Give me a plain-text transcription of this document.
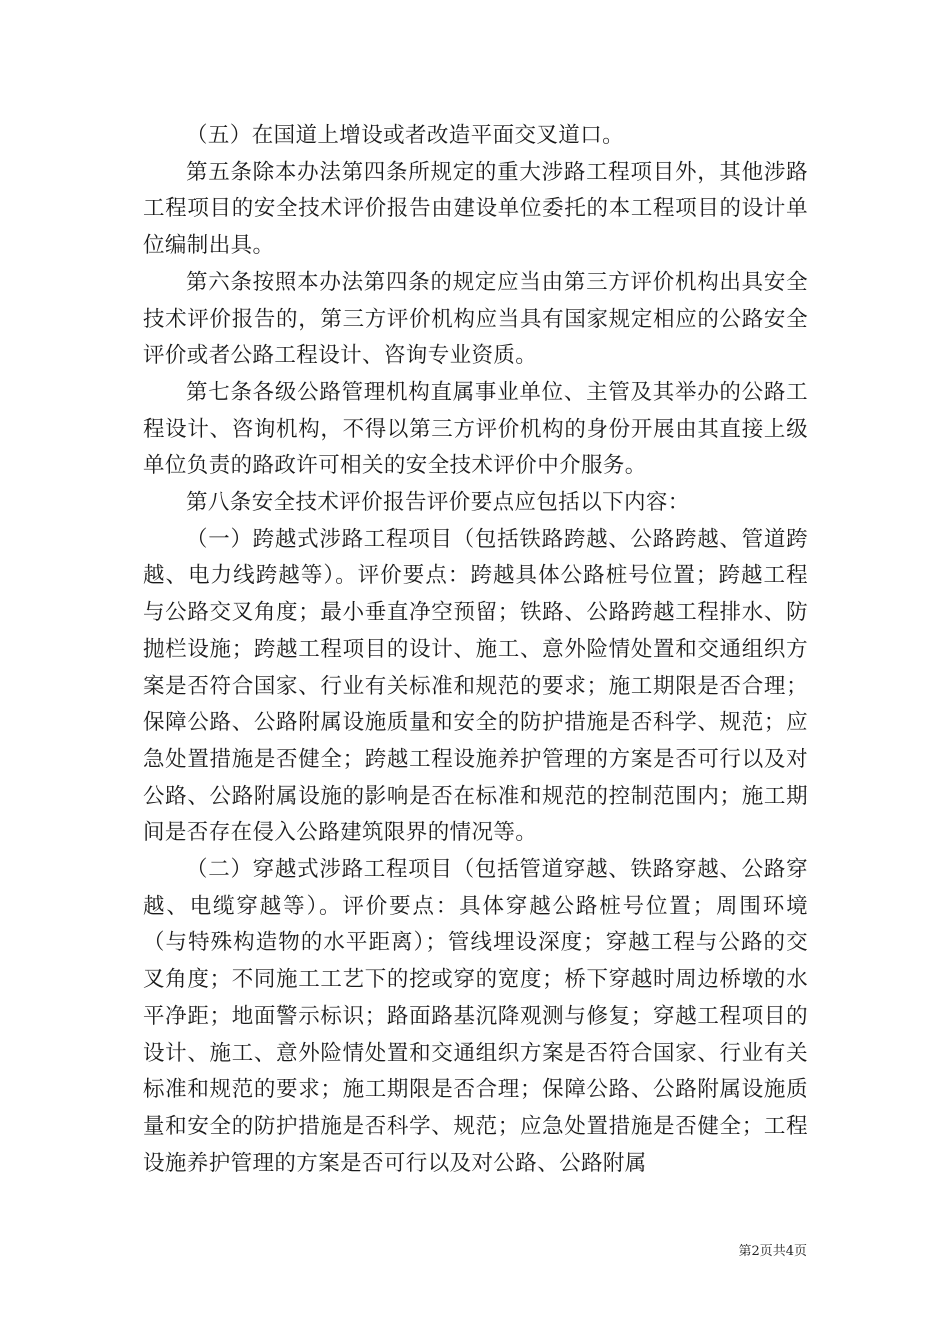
（五）在国道上增设或者改造平面交叉道口。

第五条除本办法第四条所规定的重大涉路工程项目外，其他涉路工程项目的安全技术评价报告由建设单位委托的本工程项目的设计单位编制出具。

第六条按照本办法第四条的规定应当由第三方评价机构出具安全技术评价报告的，第三方评价机构应当具有国家规定相应的公路安全评价或者公路工程设计、咨询专业资质。

第七条各级公路管理机构直属事业单位、主管及其举办的公路工程设计、咨询机构，不得以第三方评价机构的身份开展由其直接上级单位负责的路政许可相关的安全技术评价中介服务。

第八条安全技术评价报告评价要点应包括以下内容：

（一）跨越式涉路工程项目（包括铁路跨越、公路跨越、管道跨越、电力线跨越等）。评价要点：跨越具体公路桩号位置；跨越工程与公路交叉角度；最小垂直净空预留；铁路、公路跨越工程排水、防抛栏设施；跨越工程项目的设计、施工、意外险情处置和交通组织方案是否符合国家、行业有关标准和规范的要求；施工期限是否合理；保障公路、公路附属设施质量和安全的防护措施是否科学、规范；应急处置措施是否健全；跨越工程设施养护管理的方案是否可行以及对公路、公路附属设施的影响是否在标准和规范的控制范围内；施工期间是否存在侵入公路建筑限界的情况等。

（二）穿越式涉路工程项目（包括管道穿越、铁路穿越、公路穿越、电缆穿越等）。评价要点：具体穿越公路桩号位置；周围环境（与特殊构造物的水平距离）；管线埋设深度；穿越工程与公路的交叉角度；不同施工工艺下的挖或穿的宽度；桥下穿越时周边桥墩的水平净距；地面警示标识；路面路基沉降观测与修复；穿越工程项目的设计、施工、意外险情处置和交通组织方案是否符合国家、行业有关标准和规范的要求；施工期限是否合理；保障公路、公路附属设施质量和安全的防护措施是否科学、规范；应急处置措施是否健全；工程设施养护管理的方案是否可行以及对公路、公路附属

第2页共4页
